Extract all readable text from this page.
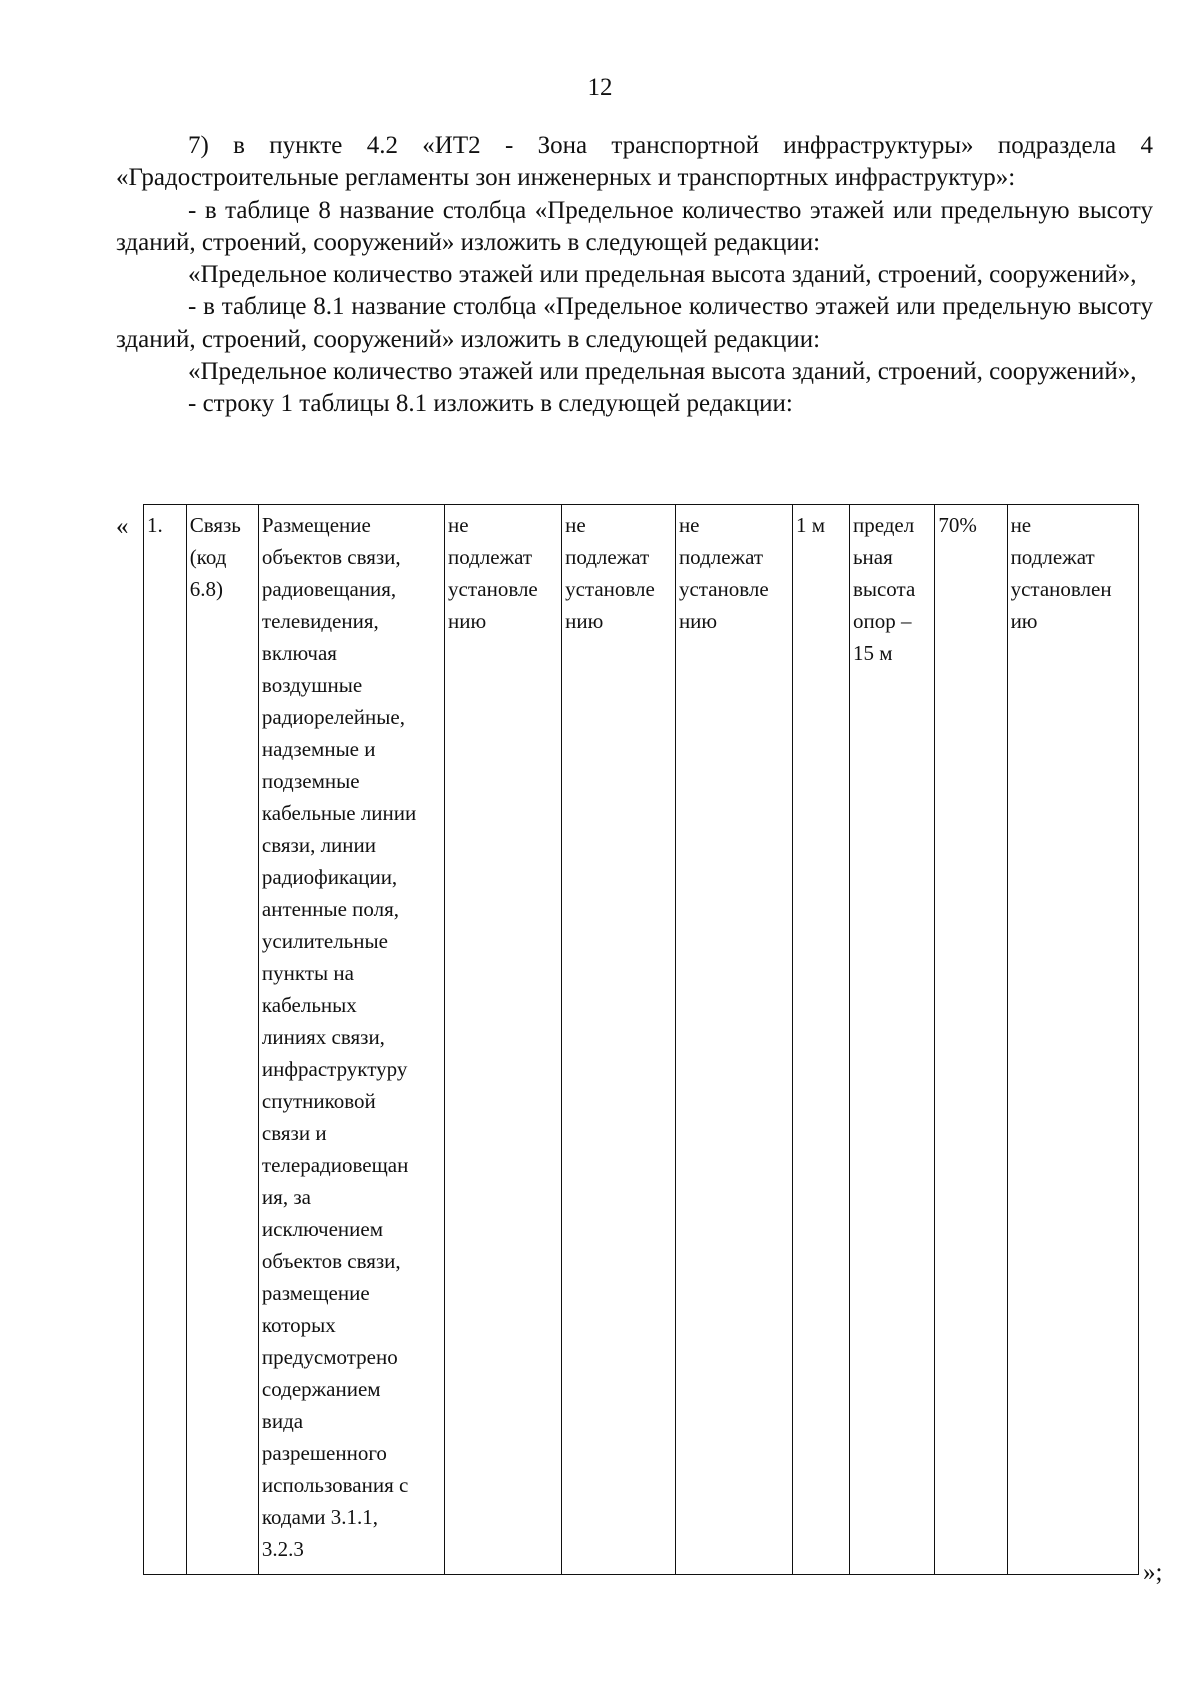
12

7) в пункте 4.2 «ИТ2 - Зона транспортной инфраструктуры» подраздела 4 «Градостроительные регламенты зон инженерных и транспортных инфраструктур»:

- в таблице 8 название столбца «Предельное количество этажей или предельную высоту зданий, строений, сооружений» изложить в следующей редакции:

«Предельное количество этажей или предельная высота зданий, строений, сооружений»,

- в таблице 8.1 название столбца «Предельное количество этажей или предельную высоту зданий, строений, сооружений» изложить в следующей редакции:

«Предельное количество этажей или предельная высота зданий, строений, сооружений»,

- строку 1 таблицы 8.1 изложить в следующей редакции:

« 1.	Связь
(код
6.8)

Размещение
объектов связи,
радиовещания,
телевидения,
включая
воздушные
радиорелейные,
надземные и
подземные
кабельные линии
связи, линии
радиофикации,
антенные поля,
усилительные
пункты на
кабельных
линиях связи,
инфраструктуру
спутниковой
связи и
телерадиовещан
ия, за
исключением
объектов связи,
размещение
которых
предусмотрено
содержанием
вида
разрешенного
использования с
кодами 3.1.1,
3.2.3

не
подлежат
установле
нию

не
подлежат
установле
нию

не
подлежат
установле
нию

1 м	предел
ьная
высота
опор –
15 м

70%	не
подлежат
установлен
ию
»;
